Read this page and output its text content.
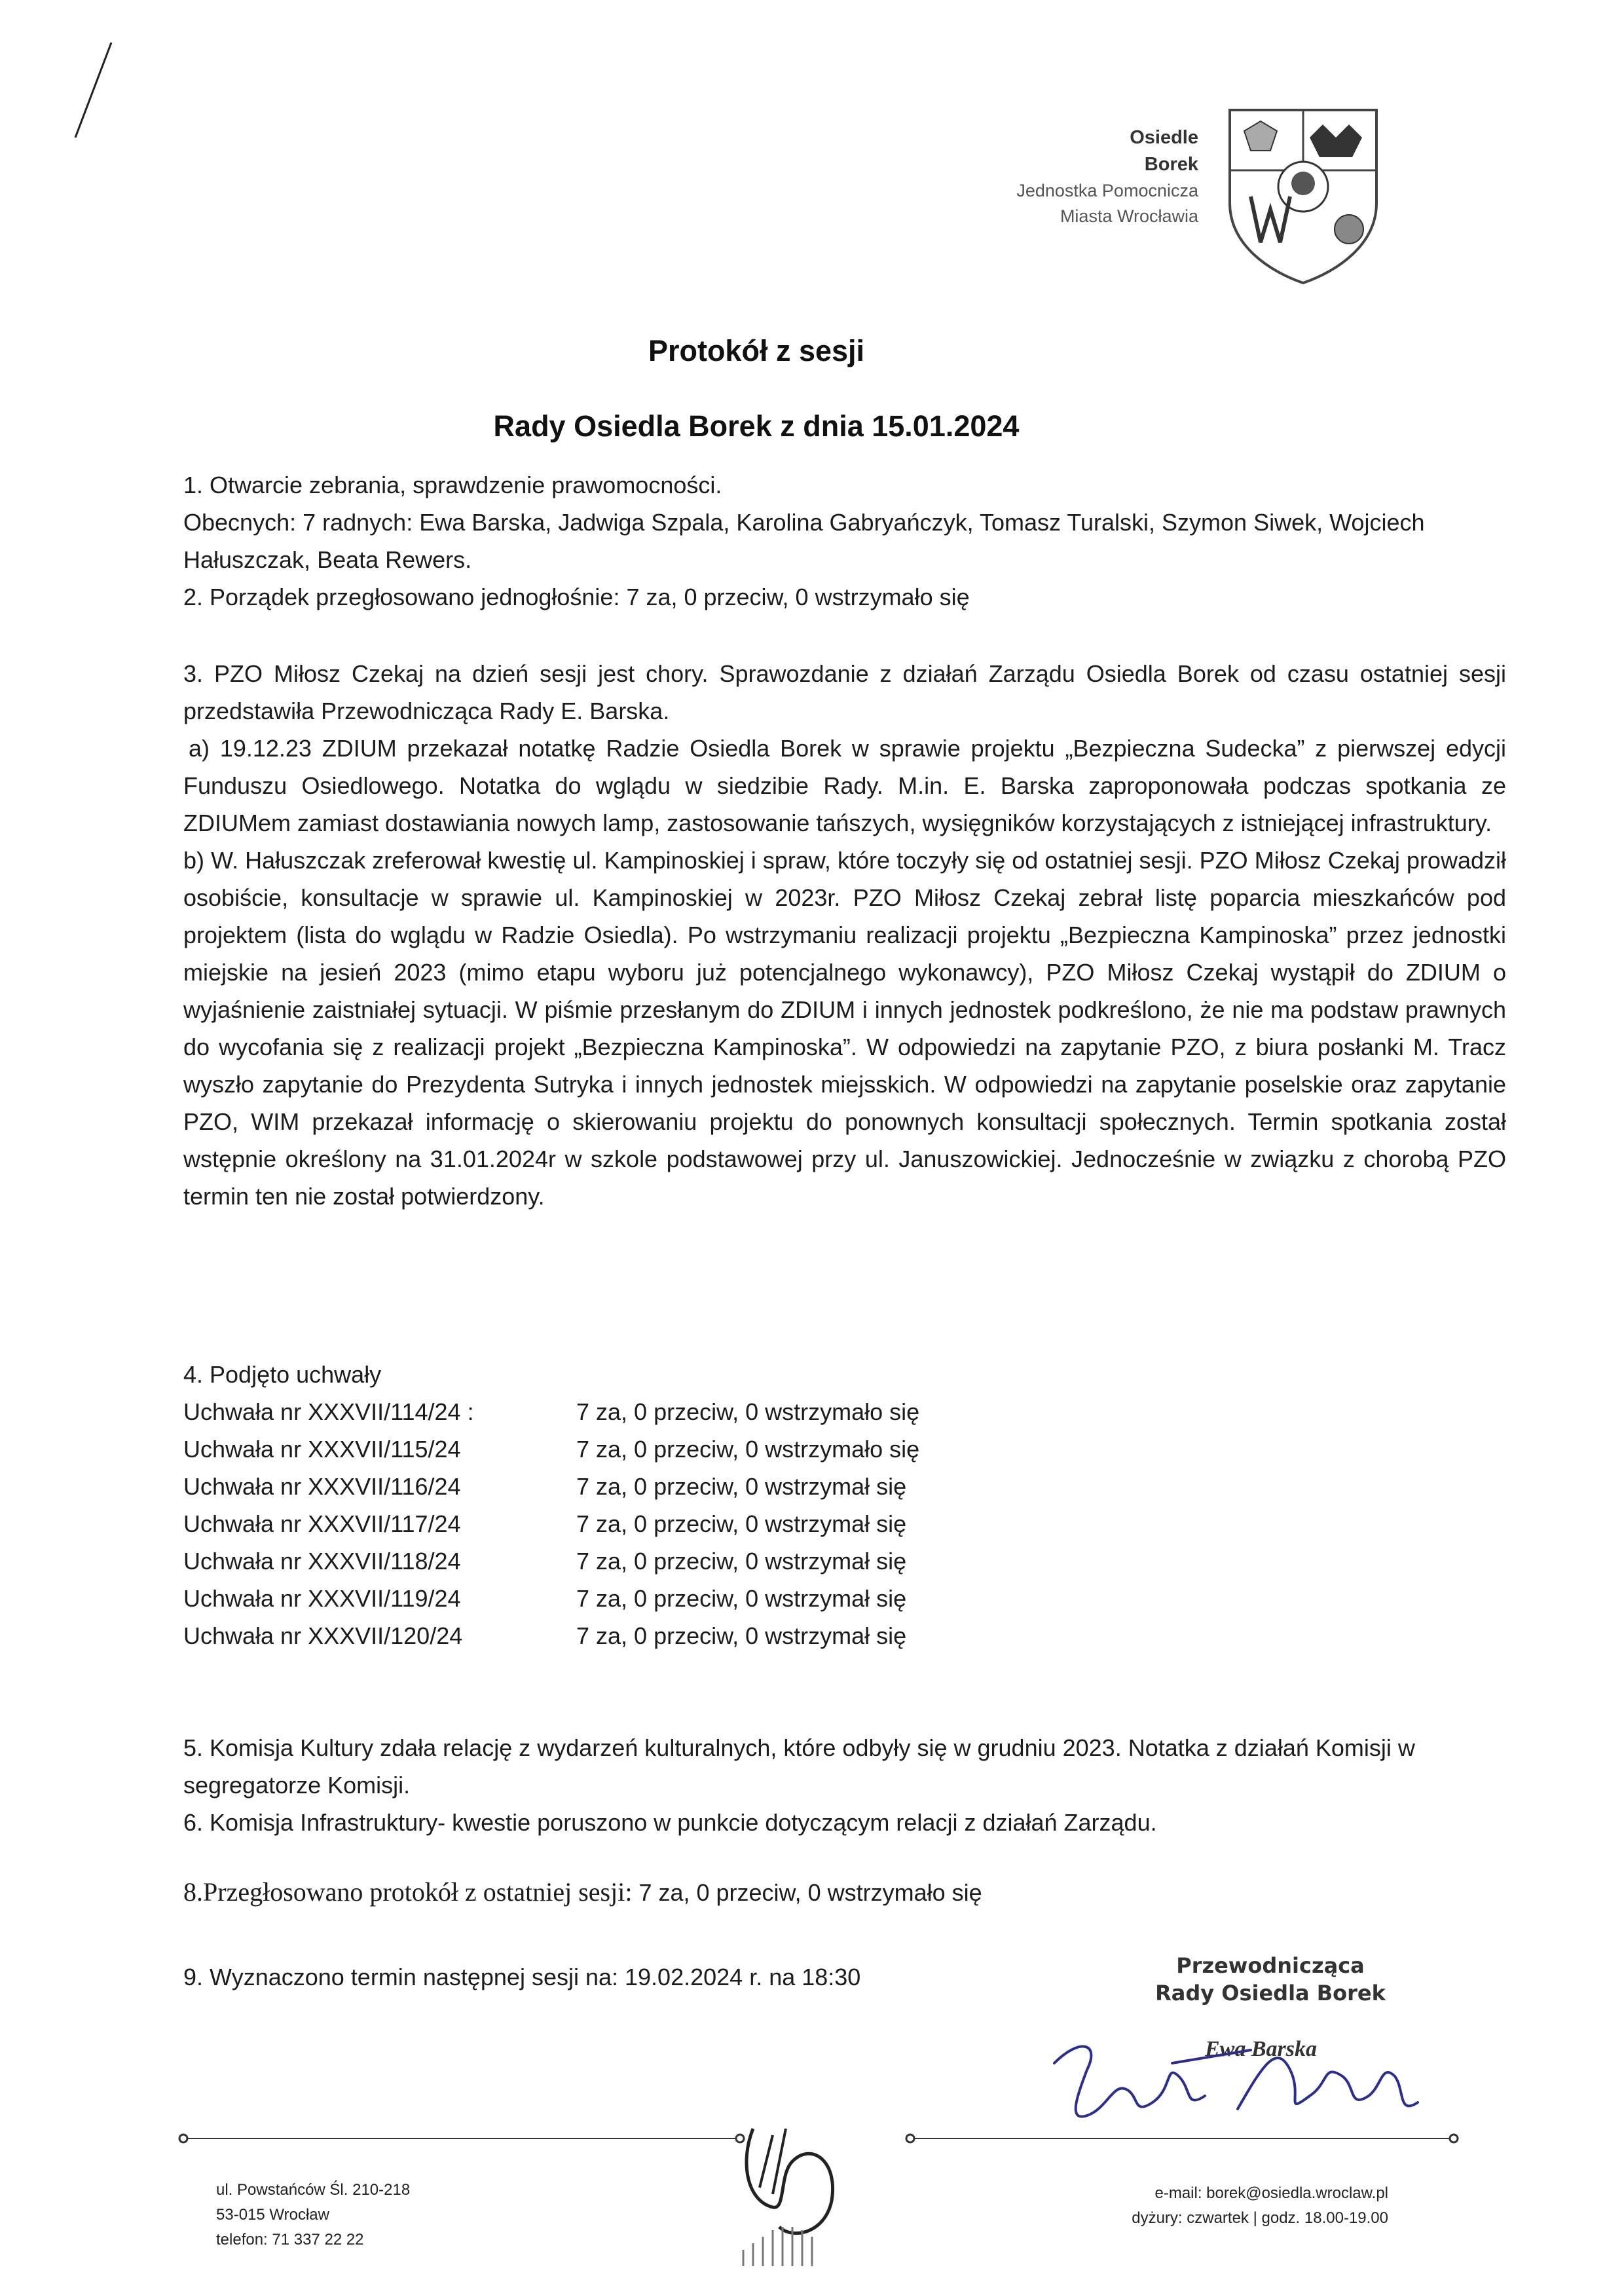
Osiedle
Borek
Jednostka Pomocnicza
Miasta Wrocławia
Protokół z sesji
Rady Osiedla Borek z dnia 15.01.2024

1. Otwarcie zebrania, sprawdzenie prawomocności.

Obecnych: 7 radnych: Ewa Barska, Jadwiga Szpala, Karolina Gabryańczyk, Tomasz Turalski, Szymon Siwek, Wojciech Hałuszczak, Beata Rewers.

2. Porządek przegłosowano jednogłośnie: 7 za, 0 przeciw, 0 wstrzymało się

3. PZO Miłosz Czekaj na dzień sesji jest chory. Sprawozdanie z działań Zarządu Osiedla Borek od czasu ostatniej sesji przedstawiła Przewodnicząca Rady E. Barska.

a) 19.12.23 ZDIUM przekazał notatkę Radzie Osiedla Borek w sprawie projektu „Bezpieczna Sudecka” z pierwszej edycji Funduszu Osiedlowego. Notatka do wglądu w siedzibie Rady. M.in. E. Barska zaproponowała podczas spotkania ze ZDIUMem zamiast dostawiania nowych lamp, zastosowanie tańszych, wysięgników korzystających z istniejącej infrastruktury.

b) W. Hałuszczak zreferował kwestię ul. Kampinoskiej i spraw, które toczyły się od ostatniej sesji. PZO Miłosz Czekaj prowadził osobiście, konsultacje w sprawie ul. Kampinoskiej w 2023r. PZO Miłosz Czekaj zebrał listę poparcia mieszkańców pod projektem (lista do wglądu w Radzie Osiedla). Po wstrzymaniu realizacji projektu „Bezpieczna Kampinoska” przez jednostki miejskie na jesień 2023 (mimo etapu wyboru już potencjalnego wykonawcy), PZO Miłosz Czekaj wystąpił do ZDIUM o wyjaśnienie zaistniałej sytuacji. W piśmie przesłanym do ZDIUM i innych jednostek podkreślono, że nie ma podstaw prawnych do wycofania się z realizacji projekt „Bezpieczna Kampinoska”. W odpowiedzi na zapytanie PZO, z biura posłanki M. Tracz wyszło zapytanie do Prezydenta Sutryka i innych jednostek miejsskich. W odpowiedzi na zapytanie poselskie oraz zapytanie PZO, WIM przekazał informację o skierowaniu projektu do ponownych konsultacji społecznych. Termin spotkania został wstępnie określony na 31.01.2024r w szkole podstawowej przy ul. Januszowickiej. Jednocześnie w związku z chorobą PZO termin ten nie został potwierdzony.

4. Podjęto uchwały

Uchwała nr XXXVII/114/24 :	7 za, 0 przeciw, 0 wstrzymało się
Uchwała nr XXXVII/115/24	7 za, 0 przeciw, 0 wstrzymało się
Uchwała nr XXXVII/116/24	7 za, 0 przeciw, 0 wstrzymał się
Uchwała nr XXXVII/117/24	7 za, 0 przeciw, 0 wstrzymał się
Uchwała nr XXXVII/118/24	7 za, 0 przeciw, 0 wstrzymał się
Uchwała nr XXXVII/119/24	7 za, 0 przeciw, 0 wstrzymał się
Uchwała nr XXXVII/120/24	7 za, 0 przeciw, 0 wstrzymał się

5. Komisja Kultury zdała relację z wydarzeń kulturalnych, które odbyły się w grudniu 2023. Notatka z działań Komisji w segregatorze Komisji.

6. Komisja Infrastruktury- kwestie poruszono w punkcie dotyczącym relacji z działań Zarządu.

8.Przegłosowano protokół z ostatniej sesji: 7 za, 0 przeciw, 0 wstrzymało się

9. Wyznaczono termin następnej sesji na: 19.02.2024 r. na 18:30	Przewodnicząca
Rady Osiedla Borek
Ewa Barska
ul. Powstańców Śl. 210-218
53-015 Wrocław
telefon: 71 337 22 22
e-mail: borek@osiedla.wroclaw.pl
dyżury: czwartek | godz. 18.00-19.00
